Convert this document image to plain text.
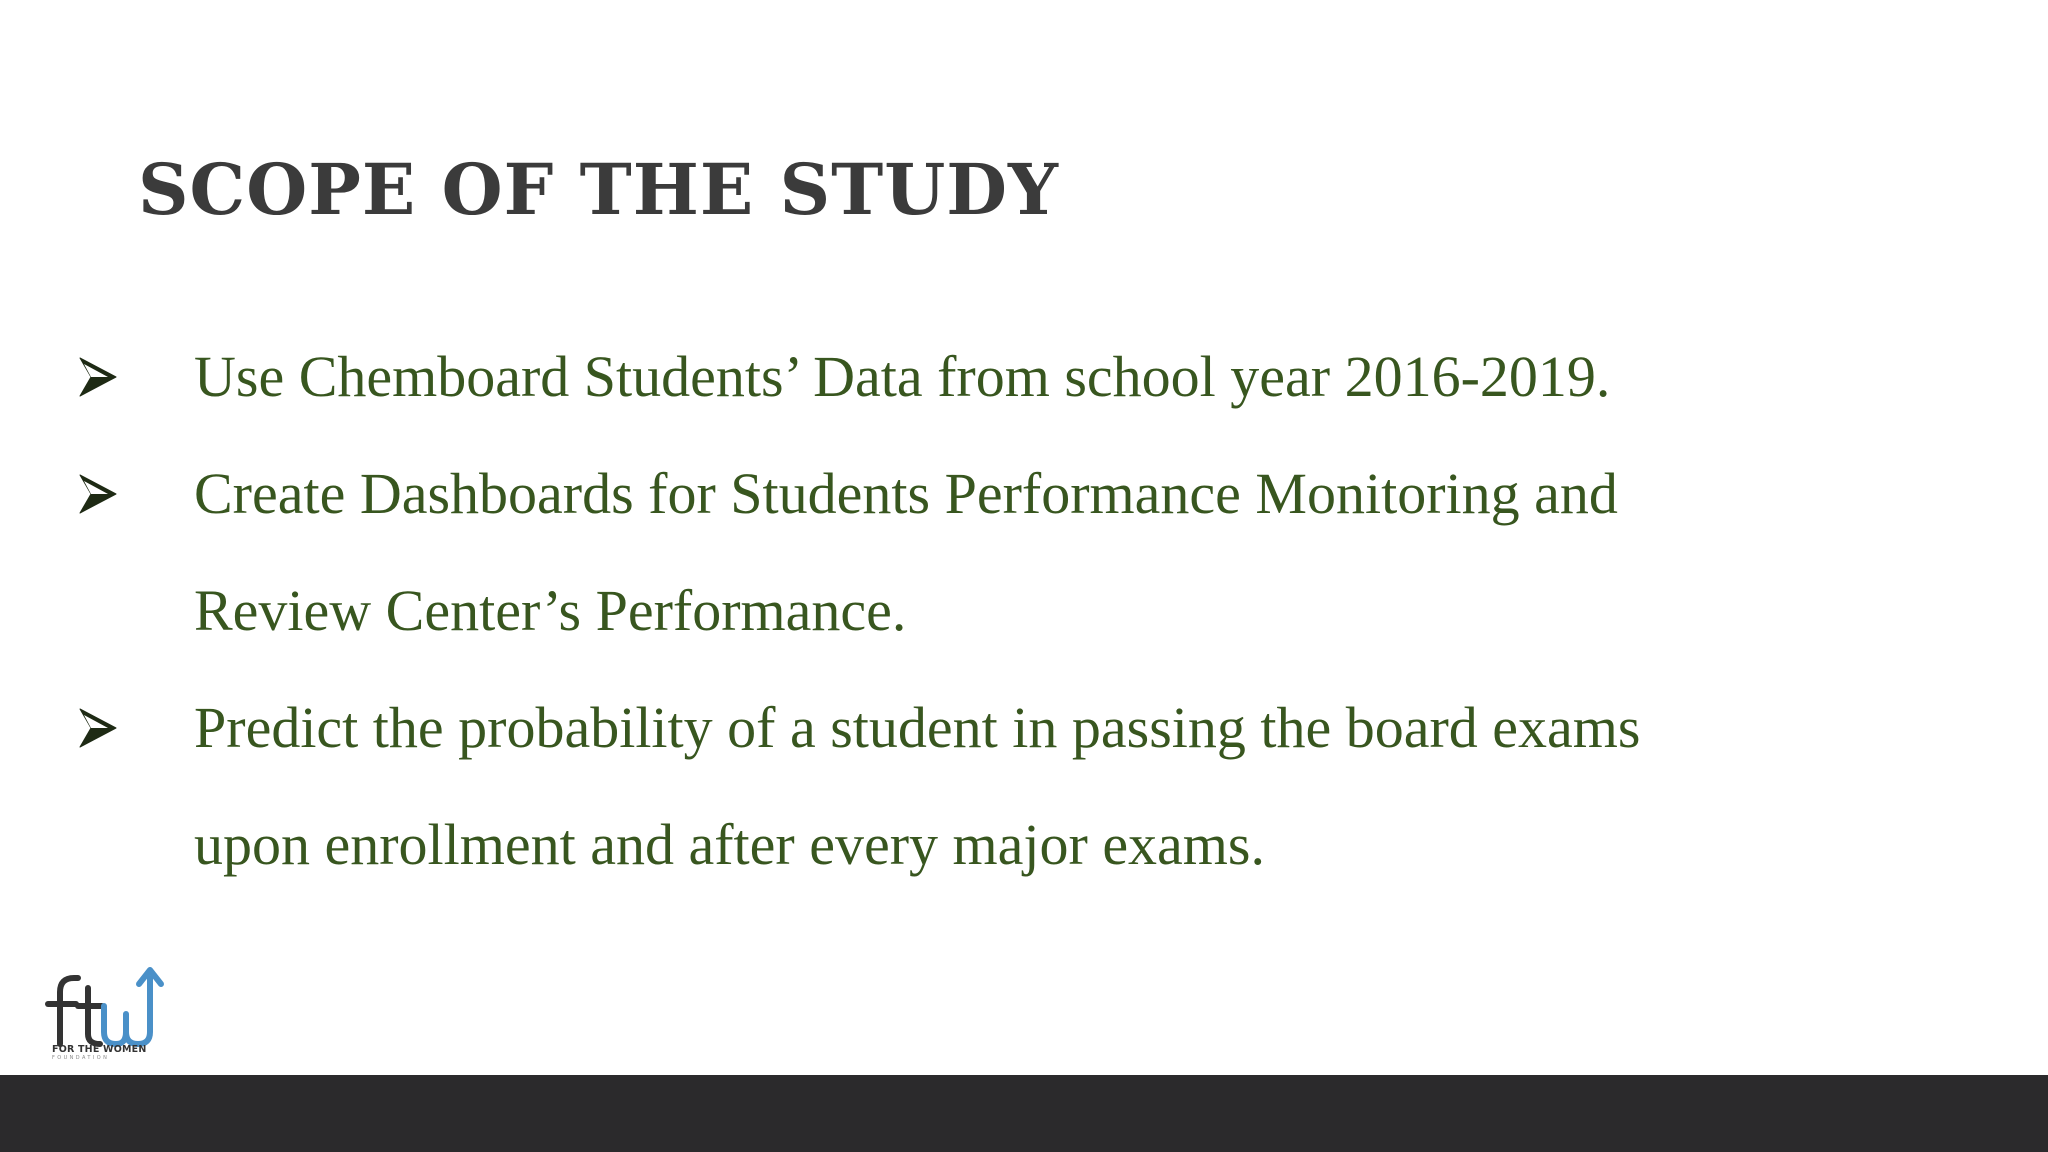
SCOPE OF THE STUDY
Use Chemboard Students’ Data from school year 2016-2019.
Create Dashboards for Students Performance Monitoring and
Review Center’s Performance.
Predict the probability of a student in passing the board exams
upon enrollment and after every major exams.
FOR THE WOMEN
FOUNDATION
